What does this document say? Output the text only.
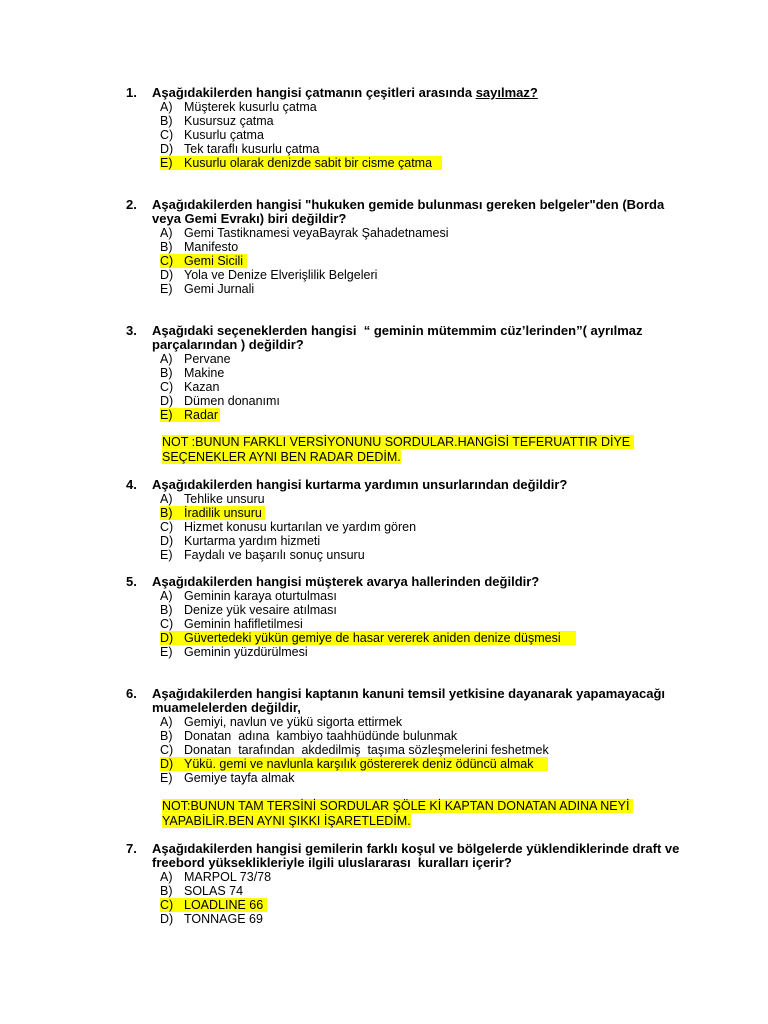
1. Aşağıdakilerden hangisi çatmanın çeşitleri arasında sayılmaz?
A) Müşterek kusurlu çatma
B) Kusursuz çatma
C) Kusurlu çatma
D) Tek taraflı kusurlu çatma
E) Kusurlu olarak denizde sabit bir cisme çatma
2. Aşağıdakilerden hangisi "hukuken gemide bulunması gereken belgeler"den (Borda veya Gemi Evrakı) biri değildir?
A) Gemi Tastiknamesi veyaBayrak Şahadetnamesi
B) Manifesto
C) Gemi Sicili
D) Yola ve Denize Elverişlilik Belgeleri
E) Gemi Jurnali
3. Aşağıdaki seçeneklerden hangisi  “ geminin mütemmim cüz’lerinden”( ayrılmaz parçalarından ) değildir?
A) Pervane
B) Makine
C) Kazan
D) Dümen donanımı
E) Radar
NOT :BUNUN FARKLI VERSİYONUNU SORDULAR.HANGİSİ TEFERUATTIR DİYE
SEÇENEKLER AYNI BEN RADAR DEDİM.
4. Aşağıdakilerden hangisi kurtarma yardımın unsurlarından değildir?
A) Tehlike unsuru
B) İradilik unsuru
C) Hizmet konusu kurtarılan ve yardım gören
D) Kurtarma yardım hizmeti
E) Faydalı ve başarılı sonuç unsuru
5. Aşağıdakilerden hangisi müşterek avarya hallerinden değildir?
A) Geminin karaya oturtulması
B) Denize yük vesaire atılması
C) Geminin hafifletilmesi
D) Güvertedeki yükün gemiye de hasar vererek aniden denize düşmesi
E) Geminin yüzdürülmesi
6. Aşağıdakilerden hangisi kaptanın kanuni temsil yetkisine dayanarak yapamayacağı muamelelerden değildir,
A) Gemiyi, navlun ve yükü sigorta ettirmek
B) Donatan  adına  kambiyo taahhüdünde bulunmak
C) Donatan  tarafından  akdedilmiş  taşıma sözleşmelerini feshetmek
D) Yükü. gemi ve navlunla karşılık göstererek deniz ödüncü almak
E) Gemiye tayfa almak
NOT:BUNUN TAM TERSİNİ SORDULAR ŞÖLE Kİ KAPTAN DONATAN ADINA NEYİ
YAPABİLİR.BEN AYNI ŞIKKI İŞARETLEDİM.
7. Aşağıdakilerden hangisi gemilerin farklı koşul ve bölgelerde yüklendiklerinde draft ve freebord yükseklikleriyle ilgili uluslararası  kuralları içerir?
A) MARPOL 73/78
B) SOLAS 74
C) LOADLINE 66
D) TONNAGE 69
